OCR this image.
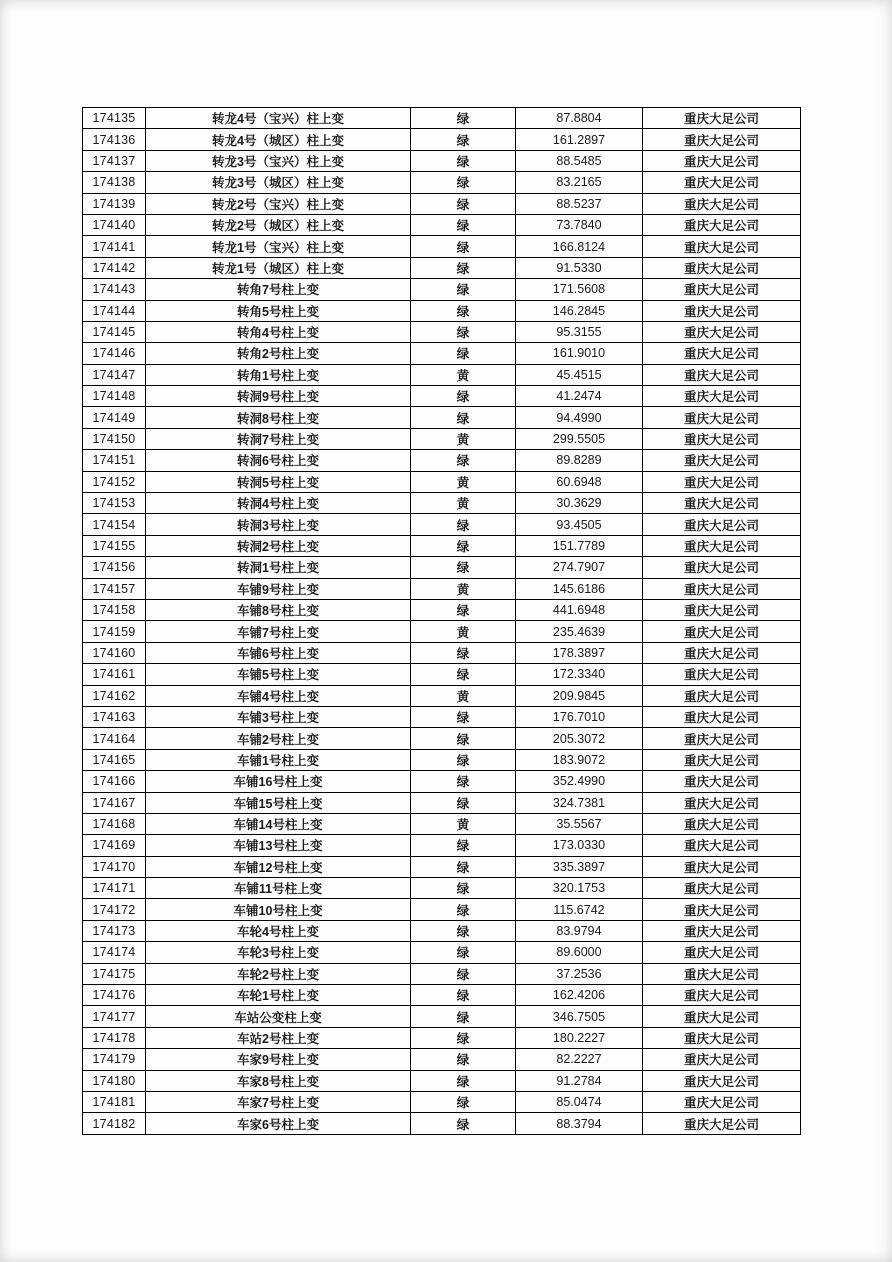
174135	转龙4号（宝兴）柱上变	绿	87.8804	重庆大足公司
174136	转龙4号（城区）柱上变	绿	161.2897	重庆大足公司
174137	转龙3号（宝兴）柱上变	绿	88.5485	重庆大足公司
174138	转龙3号（城区）柱上变	绿	83.2165	重庆大足公司
174139	转龙2号（宝兴）柱上变	绿	88.5237	重庆大足公司
174140	转龙2号（城区）柱上变	绿	73.7840	重庆大足公司
174141	转龙1号（宝兴）柱上变	绿	166.8124	重庆大足公司
174142	转龙1号（城区）柱上变	绿	91.5330	重庆大足公司
174143	转角7号柱上变	绿	171.5608	重庆大足公司
174144	转角5号柱上变	绿	146.2845	重庆大足公司
174145	转角4号柱上变	绿	95.3155	重庆大足公司
174146	转角2号柱上变	绿	161.9010	重庆大足公司
174147	转角1号柱上变	黄	45.4515	重庆大足公司
174148	转洞9号柱上变	绿	41.2474	重庆大足公司
174149	转洞8号柱上变	绿	94.4990	重庆大足公司
174150	转洞7号柱上变	黄	299.5505	重庆大足公司
174151	转洞6号柱上变	绿	89.8289	重庆大足公司
174152	转洞5号柱上变	黄	60.6948	重庆大足公司
174153	转洞4号柱上变	黄	30.3629	重庆大足公司
174154	转洞3号柱上变	绿	93.4505	重庆大足公司
174155	转洞2号柱上变	绿	151.7789	重庆大足公司
174156	转洞1号柱上变	绿	274.7907	重庆大足公司
174157	车铺9号柱上变	黄	145.6186	重庆大足公司
174158	车铺8号柱上变	绿	441.6948	重庆大足公司
174159	车铺7号柱上变	黄	235.4639	重庆大足公司
174160	车铺6号柱上变	绿	178.3897	重庆大足公司
174161	车铺5号柱上变	绿	172.3340	重庆大足公司
174162	车铺4号柱上变	黄	209.9845	重庆大足公司
174163	车铺3号柱上变	绿	176.7010	重庆大足公司
174164	车铺2号柱上变	绿	205.3072	重庆大足公司
174165	车铺1号柱上变	绿	183.9072	重庆大足公司
174166	车铺16号柱上变	绿	352.4990	重庆大足公司
174167	车铺15号柱上变	绿	324.7381	重庆大足公司
174168	车铺14号柱上变	黄	35.5567	重庆大足公司
174169	车铺13号柱上变	绿	173.0330	重庆大足公司
174170	车铺12号柱上变	绿	335.3897	重庆大足公司
174171	车铺11号柱上变	绿	320.1753	重庆大足公司
174172	车铺10号柱上变	绿	115.6742	重庆大足公司
174173	车轮4号柱上变	绿	83.9794	重庆大足公司
174174	车轮3号柱上变	绿	89.6000	重庆大足公司
174175	车轮2号柱上变	绿	37.2536	重庆大足公司
174176	车轮1号柱上变	绿	162.4206	重庆大足公司
174177	车站公变柱上变	绿	346.7505	重庆大足公司
174178	车站2号柱上变	绿	180.2227	重庆大足公司
174179	车家9号柱上变	绿	82.2227	重庆大足公司
174180	车家8号柱上变	绿	91.2784	重庆大足公司
174181	车家7号柱上变	绿	85.0474	重庆大足公司
174182	车家6号柱上变	绿	88.3794	重庆大足公司
